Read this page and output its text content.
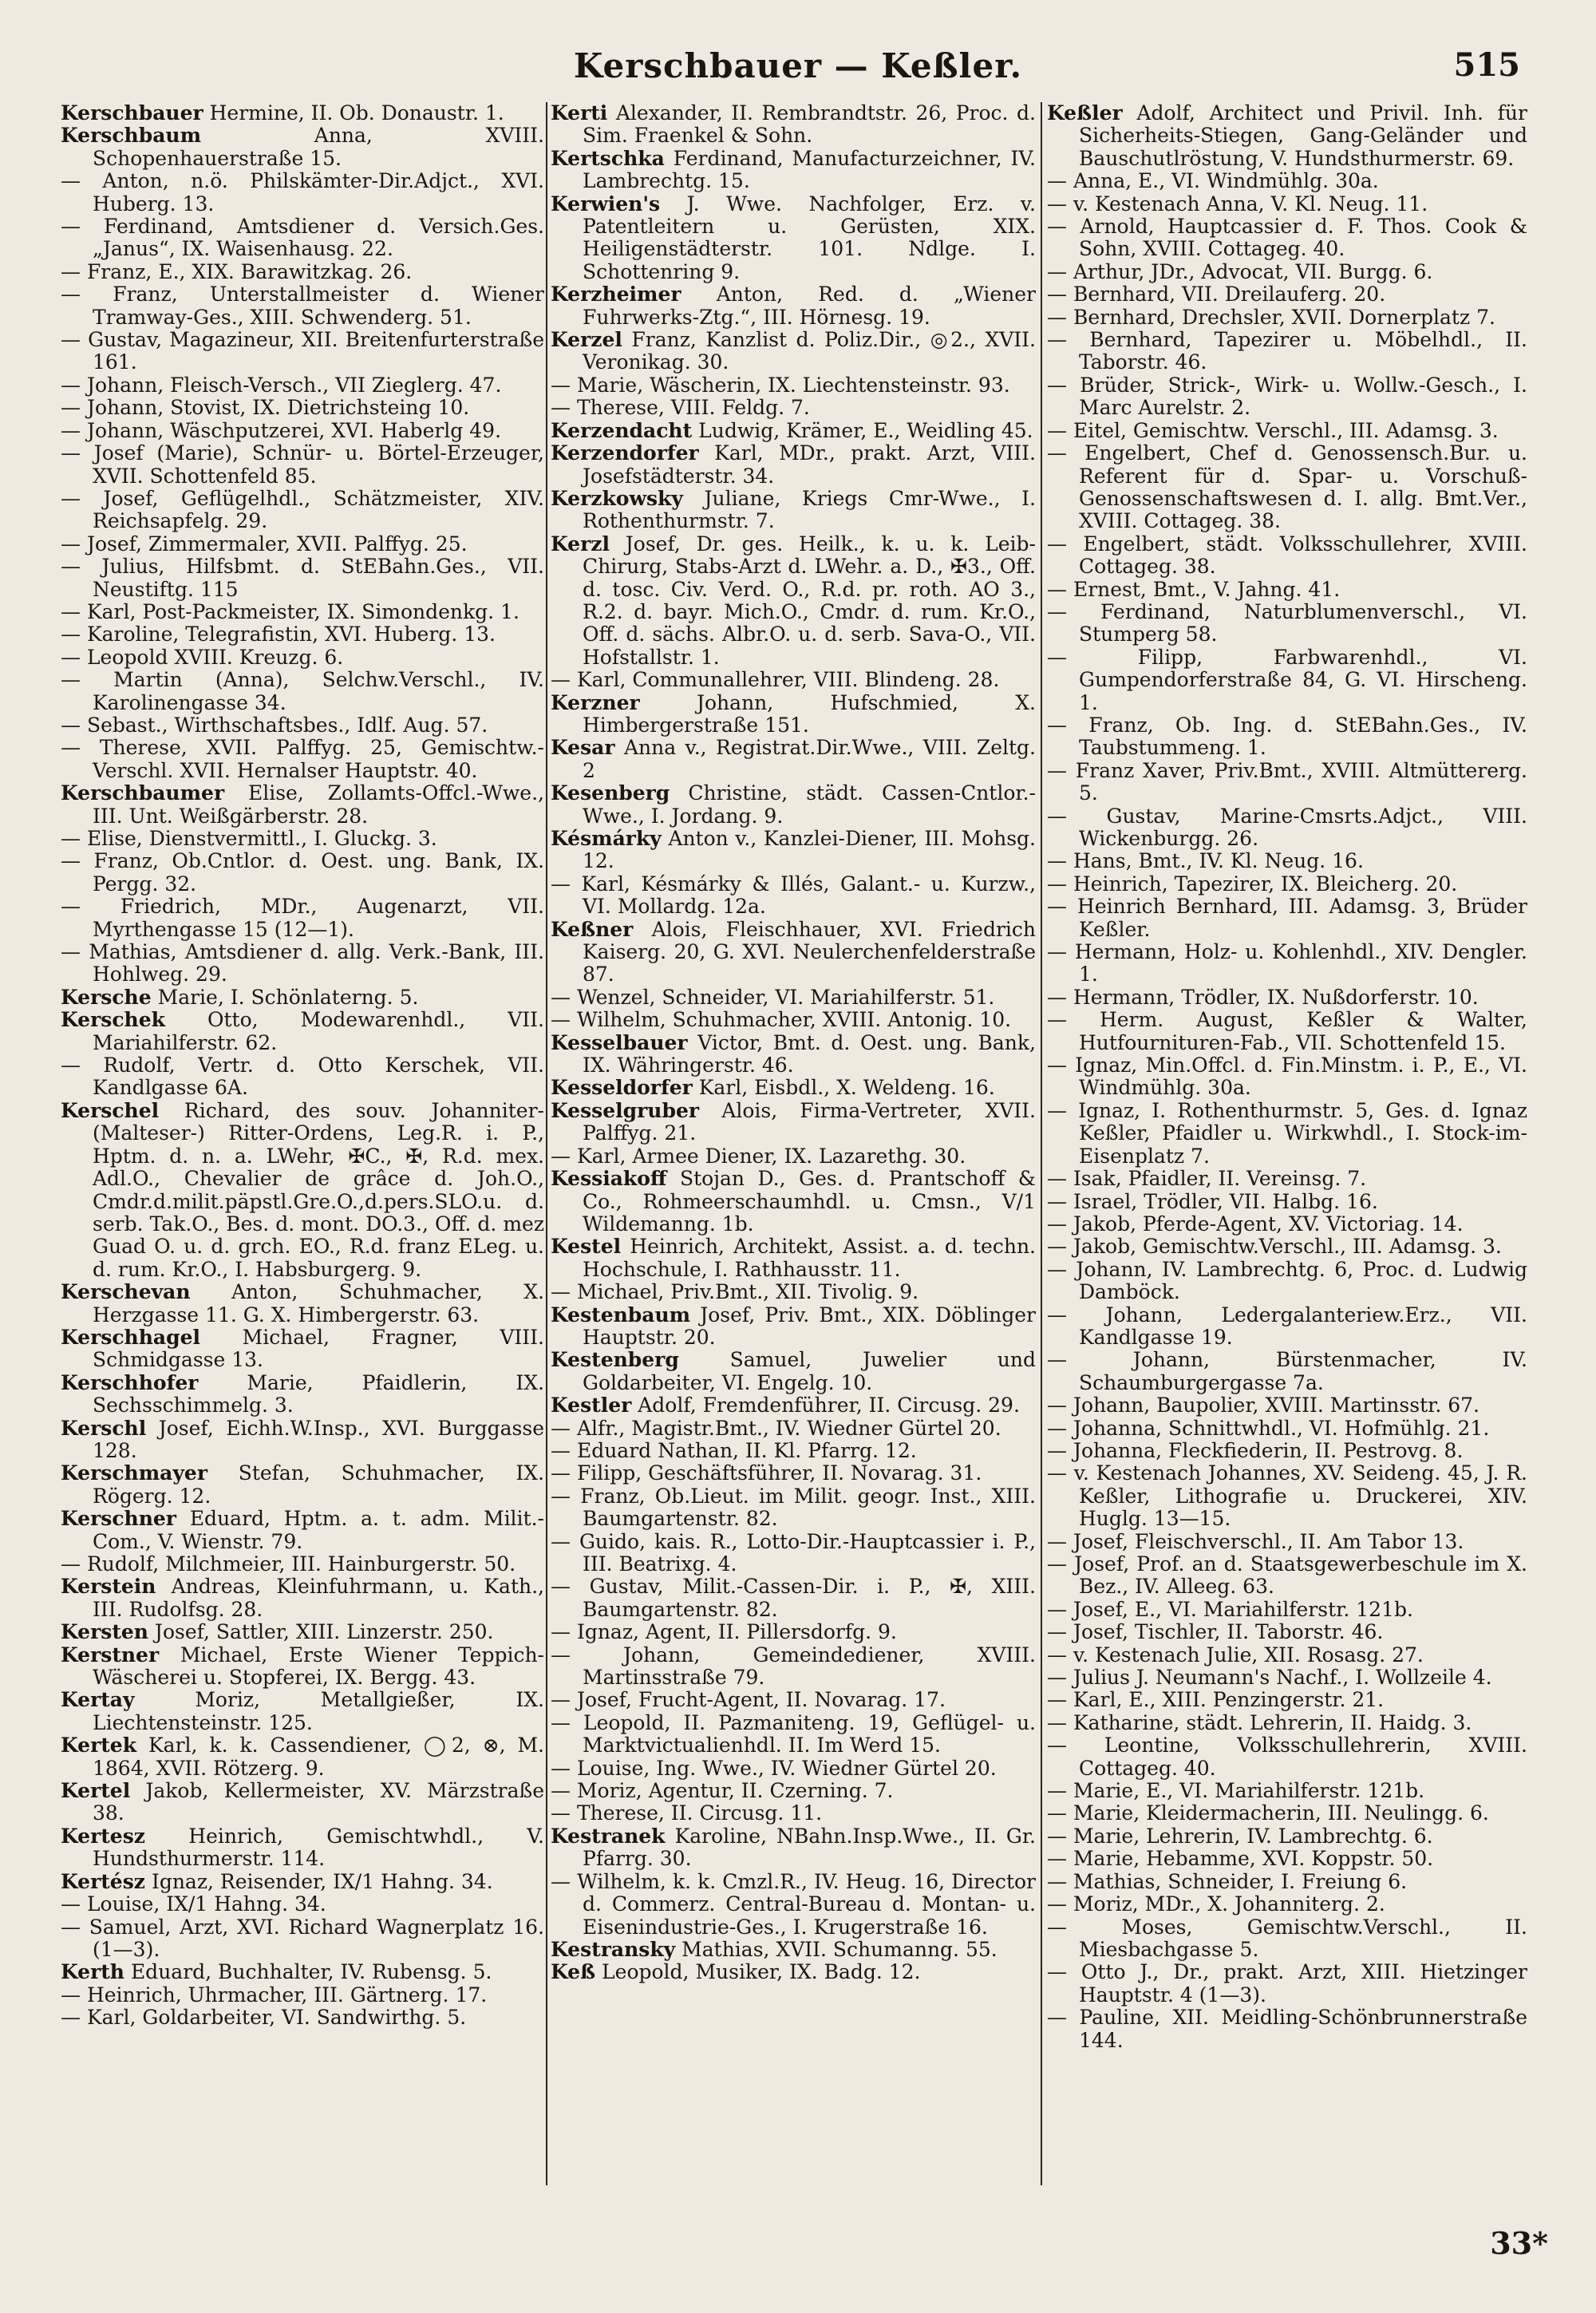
Kerschbauer — Keßler.	515

Kerschbauer Hermine, II. Ob. Donaustr. 1.

Kerschbaum	Anna, XVIII. Schopenhauerstraße 15.

— Anton, n.ö. Philskämter-Dir.Adjct., XVI. Huberg. 13.

— Ferdinand, Amtsdiener d. Versich.Ges. „Janus“, IX. Waisenhausg. 22.

— Franz, E., XIX. Barawitzkag. 26.

— Franz, Unterstallmeister d. Wiener Tramway-Ges., XIII. Schwenderg. 51.

— Gustav, Magazineur, XII. Breitenfurterstraße 161.

— Johann, Fleisch-Versch., VII Zieglerg. 47.

— Johann, Stovist, IX. Dietrichsteing 10.

— Johann, Wäschputzerei, XVI. Haberlg 49.

— Josef (Marie), Schnür- u. Börtel-Erzeuger, XVII. Schottenfeld 85.

— Josef, Geflügelhdl., Schätzmeister, XIV. Reichsapfelg. 29.

— Josef, Zimmermaler, XVII. Palffyg. 25.

— Julius, Hilfsbmt. d. StEBahn.Ges., VII. Neustiftg. 115

— Karl, Post-Packmeister, IX. Simondenkg. 1.

— Karoline, Telegrafistin, XVI. Huberg. 13.

— Leopold XVIII. Kreuzg. 6.

— Martin (Anna), Selchw.Verschl., IV. Karolinengasse 34.

— Sebast., Wirthschaftsbes., Idlf. Aug. 57.

— Therese, XVII. Palffyg. 25, Gemischtw.-Verschl. XVII. Hernalser Hauptstr. 40.

Kerschbaumer Elise, Zollamts-Offcl.-Wwe., III. Unt. Weißgärberstr. 28.

— Elise, Dienstvermittl., I. Gluckg. 3.

— Franz, Ob.Cntlor. d. Oest. ung. Bank, IX. Pergg. 32.

— Friedrich, MDr., Augenarzt, VII. Myrthengasse 15 (12—1).

— Mathias, Amtsdiener d. allg. Verk.-Bank, III. Hohlweg. 29.

Kersche Marie, I. Schönlaterng. 5.

Kerschek Otto, Modewarenhdl., VII. Mariahilferstr. 62.

— Rudolf, Vertr. d. Otto Kerschek, VII. Kandlgasse 6A.

Kerschel Richard, des souv. Johanniter-(Malteser-) Ritter-Ordens, Leg.R. i. P., Hptm. d. n. a. LWehr, ✠C., ✠, R.d. mex. Adl.O., Chevalier de grâce d. Joh.O., Cmdr.d.milit.päpstl.Gre.O.,d.pers.SLO.u. d. serb. Tak.O., Bes. d. mont. DO.3., Off. d. mez Guad O. u. d. grch. EO., R.d. franz ELeg. u. d. rum. Kr.O., I. Habsburgerg. 9.

Kerschevan Anton, Schuhmacher, X. Herzgasse 11. G. X. Himbergerstr. 63.

Kerschhagel Michael, Fragner, VIII. Schmidgasse 13.

Kerschhofer Marie, Pfaidlerin, IX. Sechsschimmelg. 3.

Kerschl Josef, Eichh.W.Insp., XVI. Burggasse 128.

Kerschmayer Stefan, Schuhmacher, IX. Rögerg. 12.

Kerschner Eduard, Hptm. a. t. adm. Milit.-Com., V. Wienstr. 79.

— Rudolf, Milchmeier, III. Hainburgerstr. 50.

Kerstein Andreas, Kleinfuhrmann, u. Kath., III. Rudolfsg. 28.

Kersten Josef, Sattler, XIII. Linzerstr. 250.

Kerstner Michael, Erste Wiener Teppich-Wäscherei u. Stopferei, IX. Bergg. 43.

Kertay	Moriz, Metallgießer, IX. Liechtensteinstr. 125.

Kertek Karl, k. k. Cassendiener, ◯2, ⊗, M. 1864, XVII. Rötzerg. 9.

Kertel Jakob, Kellermeister, XV. Märzstraße 38.

Kertesz Heinrich, Gemischtwhdl., V. Hundsthurmerstr. 114.

Kertész Ignaz, Reisender, IX/1 Hahng. 34.

— Louise, IX/1 Hahng. 34.

— Samuel, Arzt, XVI. Richard Wagnerplatz 16. (1—3).

Kerth Eduard, Buchhalter, IV. Rubensg. 5.

— Heinrich, Uhrmacher, III. Gärtnerg. 17.

— Karl, Goldarbeiter, VI. Sandwirthg. 5.

Kerti Alexander, II. Rembrandtstr. 26, Proc. d. Sim. Fraenkel & Sohn.

Kertschka Ferdinand, Manufacturzeichner, IV. Lambrechtg. 15.

Kerwien's J. Wwe. Nachfolger, Erz. v. Patentleitern u. Gerüsten, XIX. Heiligenstädterstr. 101. Ndlge. I. Schottenring 9.

Kerzheimer Anton, Red. d. „Wiener Fuhrwerks-Ztg.“, III. Hörnesg. 19.

Kerzel Franz, Kanzlist d. Poliz.Dir., ◎2., XVII. Veronikag. 30.

— Marie, Wäscherin, IX. Liechtensteinstr. 93.

— Therese, VIII. Feldg. 7.

Kerzendacht Ludwig, Krämer, E., Weidling 45.

Kerzendorfer Karl, MDr., prakt. Arzt, VIII. Josefstädterstr. 34.

Kerzkowsky Juliane, Kriegs Cmr-Wwe., I. Rothenthurmstr. 7.

Kerzl Josef, Dr. ges. Heilk., k. u. k. Leib-Chirurg, Stabs-Arzt d. LWehr. a. D., ✠3., Off. d. tosc. Civ. Verd. O., R.d. pr. roth. AO 3., R.2. d. bayr. Mich.O., Cmdr. d. rum. Kr.O., Off. d. sächs. Albr.O. u. d. serb. Sava-O., VII. Hofstallstr. 1.

— Karl, Communallehrer, VIII. Blindeng. 28.

Kerzner	Johann, Hufschmied, X. Himbergerstraße 151.

Kesar Anna v., Registrat.Dir.Wwe., VIII. Zeltg. 2

Kesenberg Christine, städt. Cassen-Cntlor.-Wwe., I. Jordang. 9.

Késmárky Anton v., Kanzlei-Diener, III. Mohsg. 12.

— Karl, Késmárky & Illés, Galant.- u. Kurzw., VI. Mollardg. 12a.

Keßner Alois, Fleischhauer, XVI. Friedrich Kaiserg. 20, G. XVI. Neulerchenfelderstraße 87.

— Wenzel, Schneider, VI. Mariahilferstr. 51.

— Wilhelm, Schuhmacher, XVIII. Antonig. 10.

Kesselbauer Victor, Bmt. d. Oest. ung. Bank, IX. Währingerstr. 46.

Kesseldorfer Karl, Eisbdl., X. Weldeng. 16.

Kesselgruber Alois, Firma-Vertreter, XVII. Palffyg. 21.

— Karl, Armee Diener, IX. Lazarethg. 30.

Kessiakoff Stojan D., Ges. d. Prantschoff & Co., Rohmeerschaumhdl. u. Cmsn., V/1 Wildemanng. 1b.

Kestel Heinrich, Architekt, Assist. a. d. techn. Hochschule, I. Rathhausstr. 11.

— Michael, Priv.Bmt., XII. Tivolig. 9.

Kestenbaum Josef, Priv. Bmt., XIX. Döblinger Hauptstr. 20.

Kestenberg	Samuel, Juwelier und Goldarbeiter, VI. Engelg. 10.

Kestler Adolf, Fremdenführer, II. Circusg. 29.

— Alfr., Magistr.Bmt., IV. Wiedner Gürtel 20.

— Eduard Nathan, II. Kl. Pfarrg. 12.

— Filipp, Geschäftsführer, II. Novarag. 31.

— Franz, Ob.Lieut. im Milit. geogr. Inst., XIII. Baumgartenstr. 82.

— Guido, kais. R., Lotto-Dir.-Hauptcassier i. P., III. Beatrixg. 4.

— Gustav, Milit.-Cassen-Dir. i. P., ✠, XIII. Baumgartenstr. 82.

— Ignaz, Agent, II. Pillersdorfg. 9.

— Johann, Gemeindediener, XVIII. Martinsstraße 79.

— Josef, Frucht-Agent, II. Novarag. 17.

— Leopold, II. Pazmaniteng. 19, Geflügel- u. Marktvictualienhdl. II. Im Werd 15.

— Louise, Ing. Wwe., IV. Wiedner Gürtel 20.

— Moriz, Agentur, II. Czerning. 7.

— Therese, II. Circusg. 11.

Kestranek Karoline, NBahn.Insp.Wwe., II. Gr. Pfarrg. 30.

— Wilhelm, k. k. Cmzl.R., IV. Heug. 16, Director d. Commerz. Central-Bureau d. Montan- u. Eisenindustrie-Ges., I. Krugerstraße 16.

Kestransky Mathias, XVII. Schumanng. 55.

Keß Leopold, Musiker, IX. Badg. 12.

Keßler Adolf, Architect und Privil. Inh. für Sicherheits-Stiegen, Gang-Geländer und Bauschutlröstung, V. Hundsthurmerstr. 69.

— Anna, E., VI. Windmühlg. 30a.

— v. Kestenach Anna, V. Kl. Neug. 11.

— Arnold, Hauptcassier d. F. Thos. Cook & Sohn, XVIII. Cottageg. 40.

— Arthur, JDr., Advocat, VII. Burgg. 6.

— Bernhard, VII. Dreilauferg. 20.

— Bernhard, Drechsler, XVII. Dornerplatz 7.

— Bernhard, Tapezirer u. Möbelhdl., II. Taborstr. 46.

— Brüder, Strick-, Wirk- u. Wollw.-Gesch., I. Marc Aurelstr. 2.

— Eitel, Gemischtw. Verschl., III. Adamsg. 3.

— Engelbert, Chef d. Genossensch.Bur. u. Referent für d. Spar- u. Vorschuß-Genossenschaftswesen d. I. allg. Bmt.Ver., XVIII. Cottageg. 38.

— Engelbert, städt. Volksschullehrer, XVIII. Cottageg. 38.

— Ernest, Bmt., V. Jahng. 41.

— Ferdinand, Naturblumenverschl., VI. Stumperg 58.

— Filipp, Farbwarenhdl., VI. Gumpendorferstraße 84, G. VI. Hirscheng. 1.

— Franz, Ob. Ing. d. StEBahn.Ges., IV. Taubstummeng. 1.

— Franz Xaver, Priv.Bmt., XVIII. Altmüttererg. 5.

— Gustav, Marine-Cmsrts.Adjct., VIII. Wickenburgg. 26.

— Hans, Bmt., IV. Kl. Neug. 16.

— Heinrich, Tapezirer, IX. Bleicherg. 20.

— Heinrich Bernhard, III. Adamsg. 3, Brüder Keßler.

— Hermann, Holz- u. Kohlenhdl., XIV. Dengler. 1.

— Hermann, Trödler, IX. Nußdorferstr. 10.

— Herm. August, Keßler & Walter, Hutfournituren-Fab., VII. Schottenfeld 15.

— Ignaz, Min.Offcl. d. Fin.Minstm. i. P., E., VI. Windmühlg. 30a.

— Ignaz, I. Rothenthurmstr. 5, Ges. d. Ignaz Keßler, Pfaidler u. Wirkwhdl., I. Stock-im-Eisenplatz 7.

— Isak, Pfaidler, II. Vereinsg. 7.

— Israel, Trödler, VII. Halbg. 16.

— Jakob, Pferde-Agent, XV. Victoriag. 14.

— Jakob, Gemischtw.Verschl., III. Adamsg. 3.

— Johann, IV. Lambrechtg. 6, Proc. d. Ludwig Damböck.

— Johann, Ledergalanteriew.Erz., VII. Kandlgasse 19.

— Johann, Bürstenmacher, IV. Schaumburgergasse 7a.

— Johann, Baupolier, XVIII. Martinsstr. 67.

— Johanna, Schnittwhdl., VI. Hofmühlg. 21.

— Johanna, Fleckfiederin, II. Pestrovg. 8.

— v. Kestenach Johannes, XV. Seideng. 45, J. R. Keßler, Lithografie u. Druckerei, XIV. Huglg. 13—15.

— Josef, Fleischverschl., II. Am Tabor 13.

— Josef, Prof. an d. Staatsgewerbeschule im X. Bez., IV. Alleeg. 63.

— Josef, E., VI. Mariahilferstr. 121b.

— Josef, Tischler, II. Taborstr. 46.

— v. Kestenach Julie, XII. Rosasg. 27.

— Julius J. Neumann's Nachf., I. Wollzeile 4.

— Karl, E., XIII. Penzingerstr. 21.

— Katharine, städt. Lehrerin, II. Haidg. 3.

— Leontine, Volksschullehrerin, XVIII. Cottageg. 40.

— Marie, E., VI. Mariahilferstr. 121b.

— Marie, Kleidermacherin, III. Neulingg. 6.

— Marie, Lehrerin, IV. Lambrechtg. 6.

— Marie, Hebamme, XVI. Koppstr. 50.

— Mathias, Schneider, I. Freiung 6.

— Moriz, MDr., X. Johanniterg. 2.

— Moses, Gemischtw.Verschl., II. Miesbachgasse 5.

— Otto J., Dr., prakt. Arzt, XIII. Hietzinger Hauptstr. 4 (1—3).

— Pauline, XII. Meidling-Schönbrunnerstraße 144.

33*
